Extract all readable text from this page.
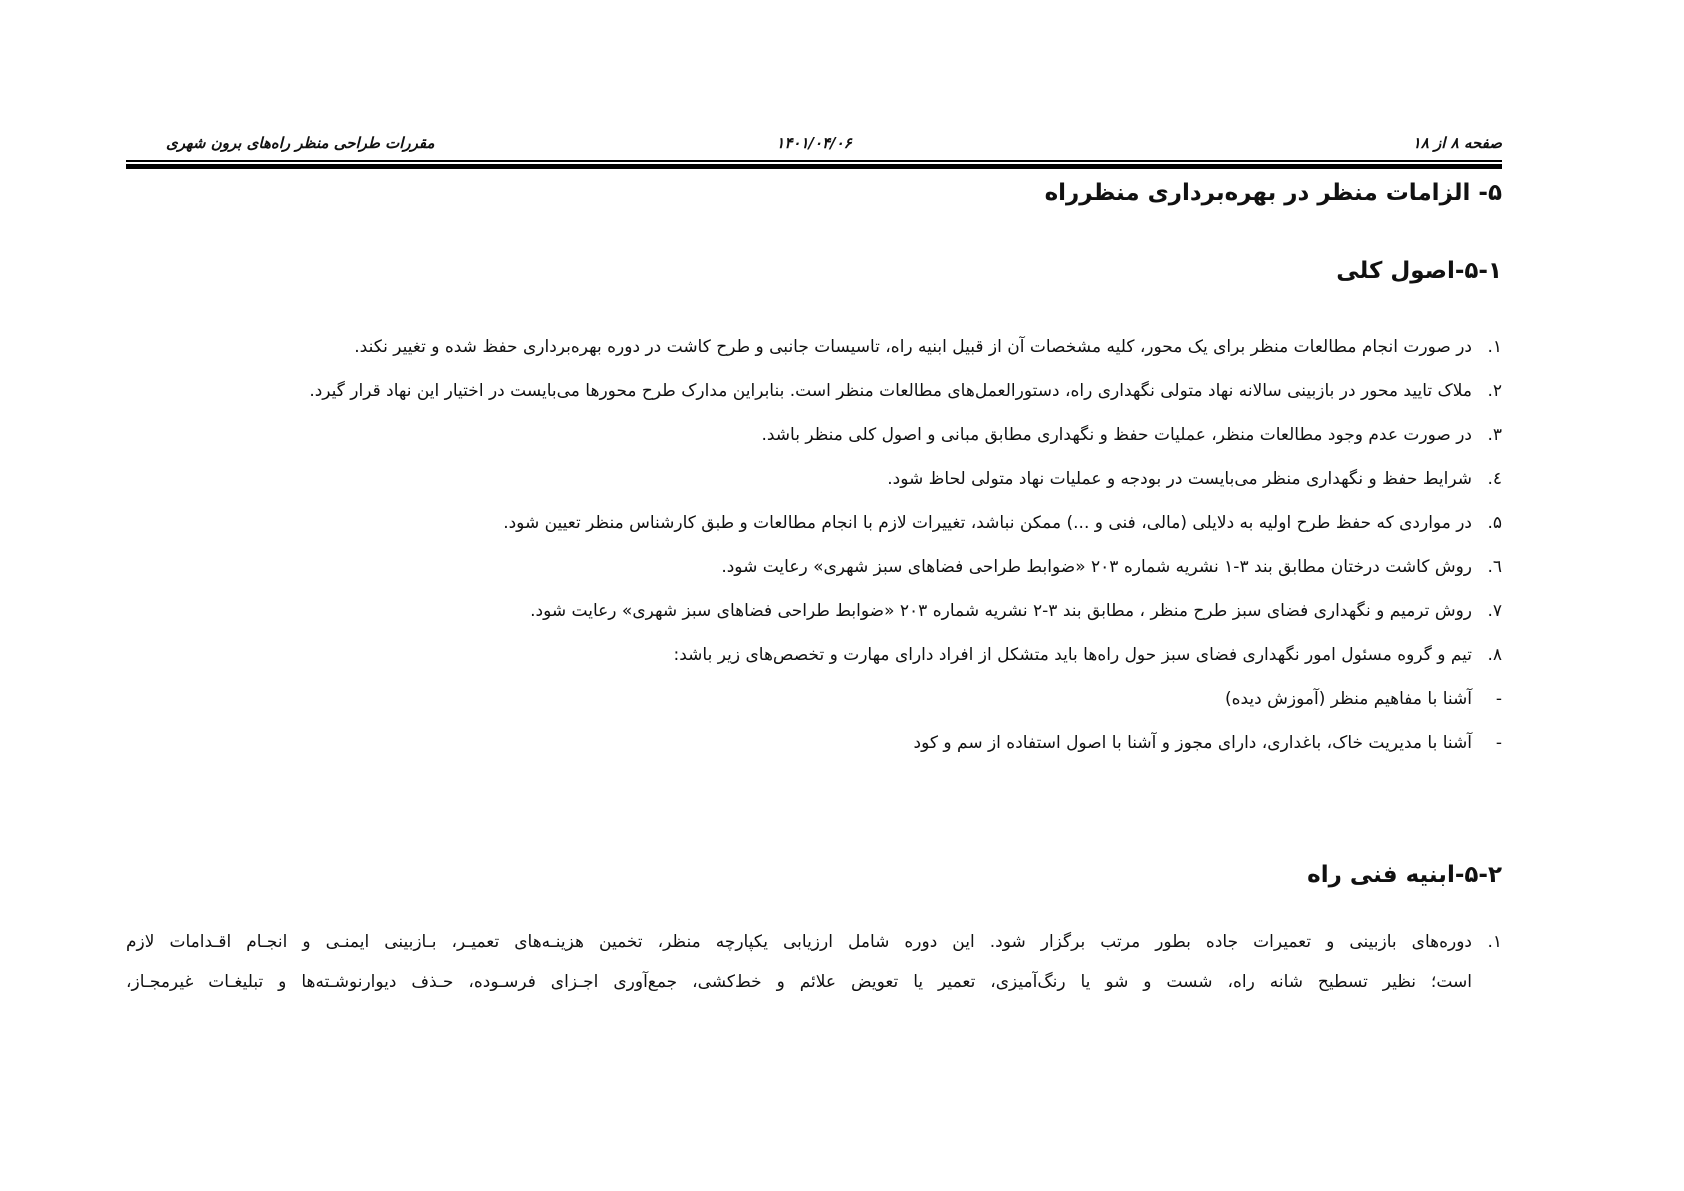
صفحه ۸ از ۱۸
۱۴۰۱/۰۴/۰۶
مقررات طراحی منظر راه‌های برون شهری
۵- الزامات منظر در بهره‌برداری منظرراه
۵-۱-اصول کلی
۱.
در صورت انجام مطالعات منظر برای یک محور، کلیه مشخصات آن از قبیل ابنیه راه، تاسیسات جانبی و طرح کاشت در دوره بهره‌برداری حفظ شده و تغییر نکند.
۲.
ملاک تایید محور در بازبینی سالانه نهاد متولی نگهداری راه، دستورالعمل‌های مطالعات منظر است. بنابراین مدارک طرح محورها می‌بایست در اختیار این نهاد قرار گیرد.
۳.
در صورت عدم وجود مطالعات منظر، عملیات حفظ و نگهداری مطابق مبانی و اصول کلی منظر باشد.
٤.
شرایط حفظ و نگهداری منظر می‌بایست در بودجه و عملیات نهاد متولی لحاظ شود.
۵.
در مواردی که حفظ طرح اولیه به دلایلی (مالی، فنی و ...) ممکن نباشد، تغییرات لازم با انجام مطالعات و طبق کارشناس منظر تعیین شود.
٦.
روش کاشت درختان مطابق بند ۳-۱ نشریه شماره ۲۰۳ «ضوابط طراحی فضاهای سبز شهری» رعایت شود.
۷.
روش ترمیم و نگهداری فضای سبز طرح منظر ، مطابق بند ۳-۲ نشریه شماره ۲۰۳ «ضوابط طراحی فضاهای سبز شهری» رعایت شود.
۸.
تیم و گروه مسئول امور نگهداری فضای سبز حول راه‌ها باید متشکل از افراد دارای مهارت و تخصص‌های زیر باشد:
-
آشنا با مفاهیم منظر (آموزش دیده)
-
آشنا با مدیریت خاک، باغداری، دارای مجوز و آشنا با اصول استفاده از سم و کود
۵-۲-ابنیه فنی راه
۱.
دوره‌های بازبینی و تعمیرات جاده بطور مرتب برگزار شود. این دوره شامل ارزیابی یکپارچه منظر، تخمین هزینـه‌های تعمیـر، بـازبینی ایمنـی و انجـام اقـدامات لازم
است؛ نظیر تسطیح شانه راه، شست و شو یا رنگ‌آمیزی، تعمیر یا تعویض علائم و خط‌کشی، جمع‌آوری اجـزای فرسـوده، حـذف دیوارنوشـته‌ها و تبلیغـات غیرمجـاز،
